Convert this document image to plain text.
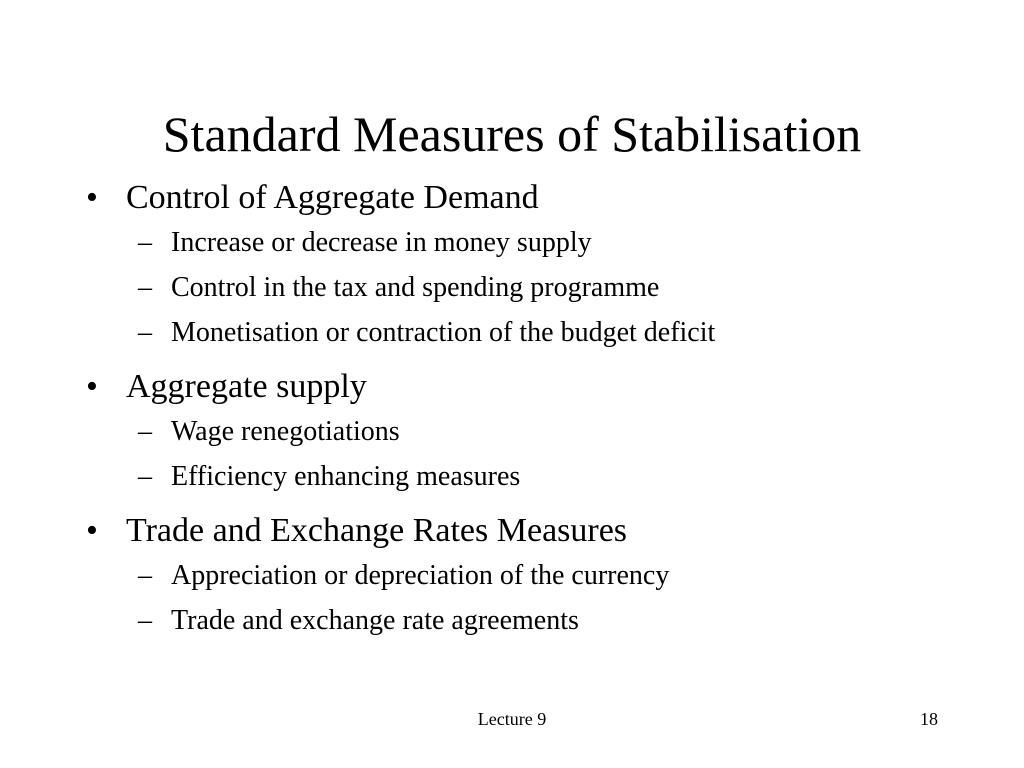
Standard Measures of Stabilisation
• Control of Aggregate Demand
– Increase or decrease in money supply
– Control in the tax and spending programme
– Monetisation or contraction of the budget deficit
• Aggregate supply
– Wage renegotiations
– Efficiency enhancing measures
• Trade and Exchange Rates Measures
– Appreciation or depreciation of the currency
– Trade and exchange rate agreements
Lecture 9	18
